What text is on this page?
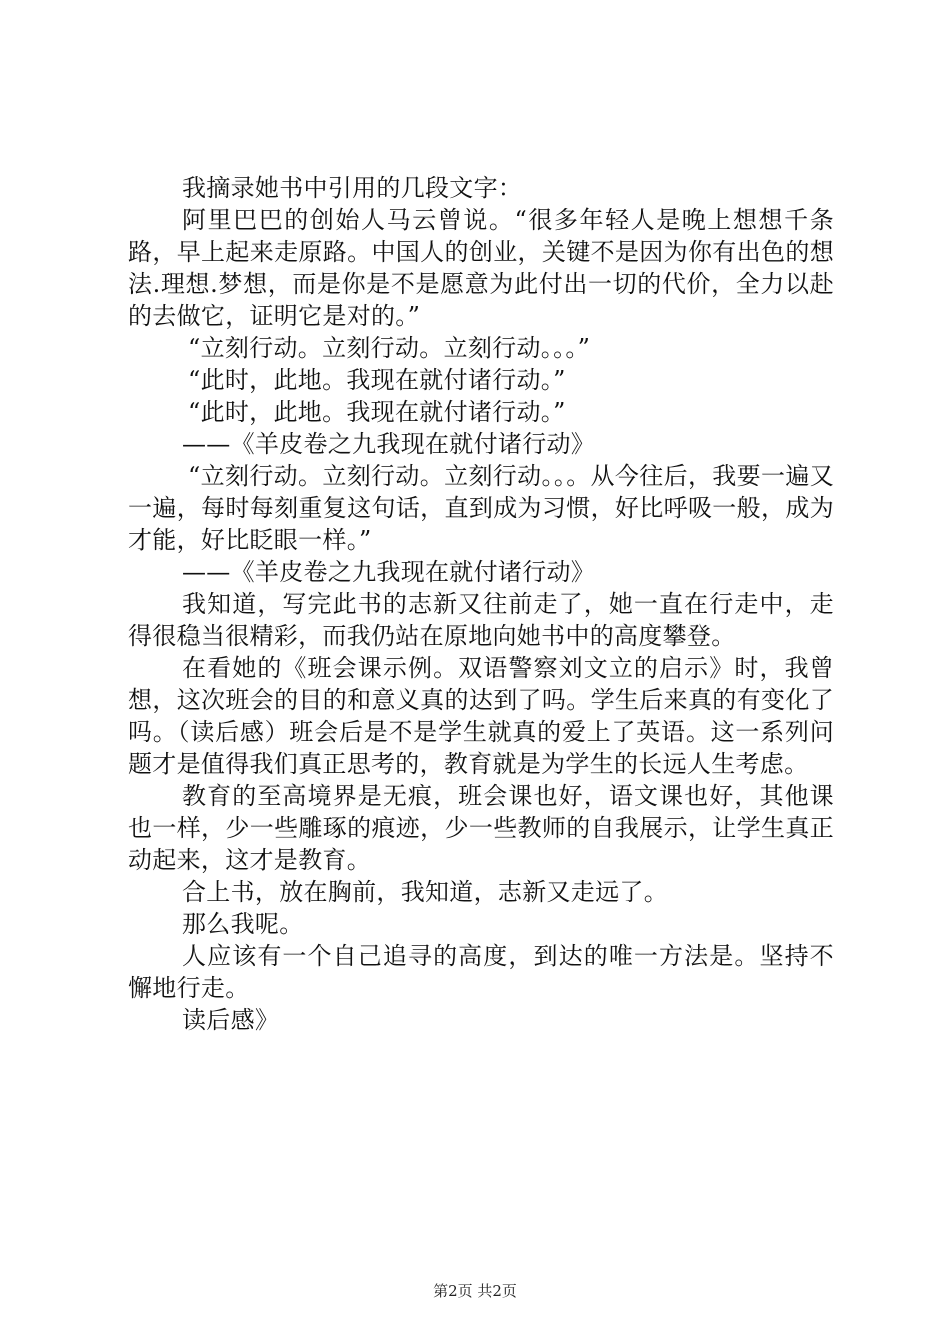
我摘录她书中引用的几段文字：

阿里巴巴的创始人马云曾说。“很多年轻人是晚上想想千条路，早上起来走原路。中国人的创业，关键不是因为你有出色的想法.理想.梦想，而是你是不是愿意为此付出一切的代价，全力以赴的去做它，证明它是对的。”

“立刻行动。立刻行动。立刻行动。。。”

“此时，此地。我现在就付诸行动。”

“此时，此地。我现在就付诸行动。”

——《羊皮卷之九我现在就付诸行动》

“立刻行动。立刻行动。立刻行动。。。从今往后，我要一遍又一遍，每时每刻重复这句话，直到成为习惯，好比呼吸一般，成为才能，好比眨眼一样。”

——《羊皮卷之九我现在就付诸行动》

我知道，写完此书的志新又往前走了，她一直在行走中，走得很稳当很精彩，而我仍站在原地向她书中的高度攀登。

在看她的《班会课示例。双语警察刘文立的启示》时，我曾想，这次班会的目的和意义真的达到了吗。学生后来真的有变化了吗。（读后感）班会后是不是学生就真的爱上了英语。这一系列问题才是值得我们真正思考的，教育就是为学生的长远人生考虑。

教育的至高境界是无痕，班会课也好，语文课也好，其他课也一样，少一些雕琢的痕迹，少一些教师的自我展示，让学生真正动起来，这才是教育。

合上书，放在胸前，我知道，志新又走远了。

那么我呢。

人应该有一个自己追寻的高度，到达的唯一方法是。坚持不懈地行走。

读后感》

第2页 共2页
